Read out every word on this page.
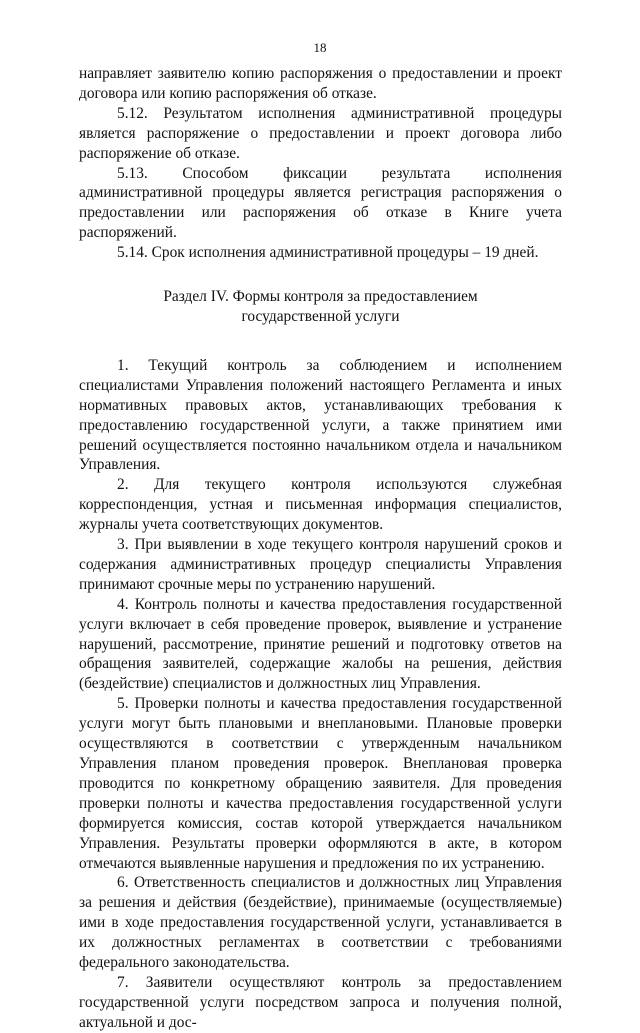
18

направляет заявителю копию распоряжения о предоставлении и проект договора или копию распоряжения об отказе.

5.12. Результатом исполнения административной процедуры является распоряжение о предоставлении и проект договора либо распоряжение об отказе.

5.13. Способом фиксации результата исполнения административной процедуры является регистрация распоряжения о предоставлении или распоряжения об отказе в Книге учета распоряжений.

5.14. Срок исполнения административной процедуры – 19 дней.

Раздел IV. Формы контроля за предоставлением
государственной услуги

1. Текущий контроль за соблюдением и исполнением специалистами Управления положений настоящего Регламента и иных нормативных правовых актов, устанавливающих требования к предоставлению государственной услуги, а также принятием ими решений осуществляется постоянно начальником отдела и начальником Управления.

2. Для текущего контроля используются служебная корреспонденция, устная и письменная информация специалистов, журналы учета соответствующих документов.

3. При выявлении в ходе текущего контроля нарушений сроков и содержания административных процедур специалисты Управления принимают срочные меры по устранению нарушений.

4. Контроль полноты и качества предоставления государственной услуги включает в себя проведение проверок, выявление и устранение нарушений, рассмотрение, принятие решений и подготовку ответов на обращения заявителей, содержащие жалобы на решения, действия (бездействие) специалистов и должностных лиц Управления.

5. Проверки полноты и качества предоставления государственной услуги могут быть плановыми и внеплановыми. Плановые проверки осуществляются в соответствии с утвержденным начальником Управления планом проведения проверок. Внеплановая проверка проводится по конкретному обращению заявителя. Для проведения проверки полноты и качества предоставления государственной услуги формируется комиссия, состав которой утверждается начальником Управления. Результаты проверки оформляются в акте, в котором отмечаются выявленные нарушения и предложения по их устранению.

6. Ответственность специалистов и должностных лиц Управления за решения и действия (бездействие), принимаемые (осуществляемые) ими в ходе предоставления государственной услуги, устанавливается в их должностных регламентах в соответствии с требованиями федерального законодательства.

7. Заявители осуществляют контроль за предоставлением государственной услуги посредством запроса и получения полной, актуальной и дос-
